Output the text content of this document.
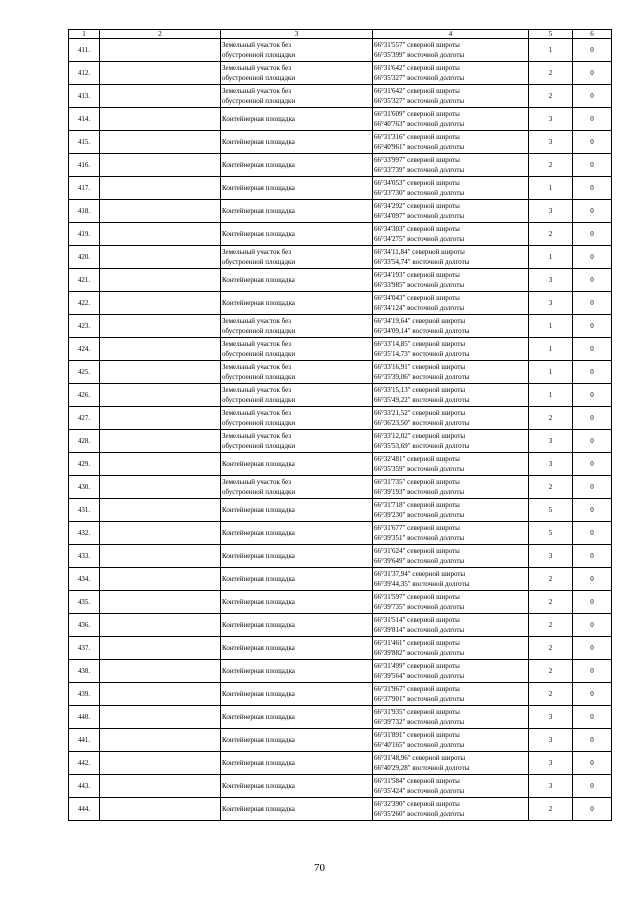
1	2	3	4	5	6
411.		Земельный участок без
обустроенной площадки	66°31'557" северной широты
66°35'399" восточной долготы	1	0
412.		Земельный участок без
обустроенной площадки	66°31'642" северной широты
66°35'327" восточной долготы	2	0
413.		Земельный участок без
обустроенной площадки	66°31'642" северной широты
66°35'327" восточной долготы	2	0
414.		Контейнерная площадка	66°31'609" северной широты
66°40'763" восточной долготы	3	0
415.		Контейнерная площадка	66°31'316" северной широты
66°40'961" восточной долготы	3	0
416.		Контейнерная площадка	66°33'997" северной широты
66°33'739" восточной долготы	2	0
417.		Контейнерная площадка	66°34'053" северной широты
66°33'730" восточной долготы	1	0
418.		Контейнерная площадка	66°34'292" северной широты
66°34'097" восточной долготы	3	0
419.		Контейнерная площадка	66°34'303" северной широты
66°34'275" восточной долготы	2	0
420.		Земельный участок без
обустроенной площадки	66°34'11,84" северной широты
66°33'54,74" восточной долготы	1	0
421.		Контейнерная площадка	66°34'193" северной широты
66°33'985" восточной долготы	3	0
422.		Контейнерная площадка	66°34'043" северной широты
66°34'124" восточной долготы	3	0
423.		Земельный участок без
обустроенной площадки	66°34'19,64" северной широты
66°34'09,14" восточной долготы	1	0
424.		Земельный участок без
обустроенной площадки	66°33'14,85" северной широты
66°35'14,73" восточной долготы	1	0
425.		Земельный участок без
обустроенной площадки	66°33'16,91" северной широты
66°35'39,06" восточной долготы	1	0
426.		Земельный участок без
обустроенной площадки	66°33'15,13" северной широты
66°35'49,22" восточной долготы	1	0
427.		Земельный участок без
обустроенной площадки	66°33'21,52" северной широты
66°36'23,50" восточной долготы	2	0
428.		Земельный участок без
обустроенной площадки	66°33'12,02" северной широты
66°35'53,69" восточной долготы	3	0
429.		Контейнерная площадка	66°32'481" северной широты
66°35'359" восточной долготы	3	0
430.		Земельный участок без
обустроенной площадки	66°31'735" северной широты
66°39'193" восточной долготы	2	0
431.		Контейнерная площадка	66°31'718" северной широты
66°39'230" восточной долготы	5	0
432.		Контейнерная площадка	66°31'677" северной широты
66°39'351" восточной долготы	5	0
433.		Контейнерная площадка	66°31'624" северной широты
66°39'649" восточной долготы	3	0
434.		Контейнерная площадка	66°31'37,94" северной широты
66°39'44,35" восточной долготы	2	0
435.		Контейнерная площадка	66°31'597" северной широты
66°39'735" восточной долготы	2	0
436.		Контейнерная площадка	66°31'514" северной широты
66°39'814" восточной долготы	2	0
437.		Контейнерная площадка	66°31'461" северной широты
66°39'882" восточной долготы	2	0
438.		Контейнерная площадка	66°31'499" северной широты
66°39'564" восточной долготы	2	0
439.		Контейнерная площадка	66°31'967" северной широты
66°37'901" восточной долготы	2	0
440.		Контейнерная площадка	66°31'935" северной широты
66°39'732" восточной долготы	3	0
441.		Контейнерная площадка	66°31'891" северной широты
66°40'165" восточной долготы	3	0
442.		Контейнерная площадка	66°31'48,96" северной широты
66°40'29,28" восточной долготы	3	0
443.		Контейнерная площадка	66°31'584" северной широты
66°35'424" восточной долготы	3	0
444.		Контейнерная площадка	66°32'390" северной широты
66°35'260" восточной долготы	2	0
70
